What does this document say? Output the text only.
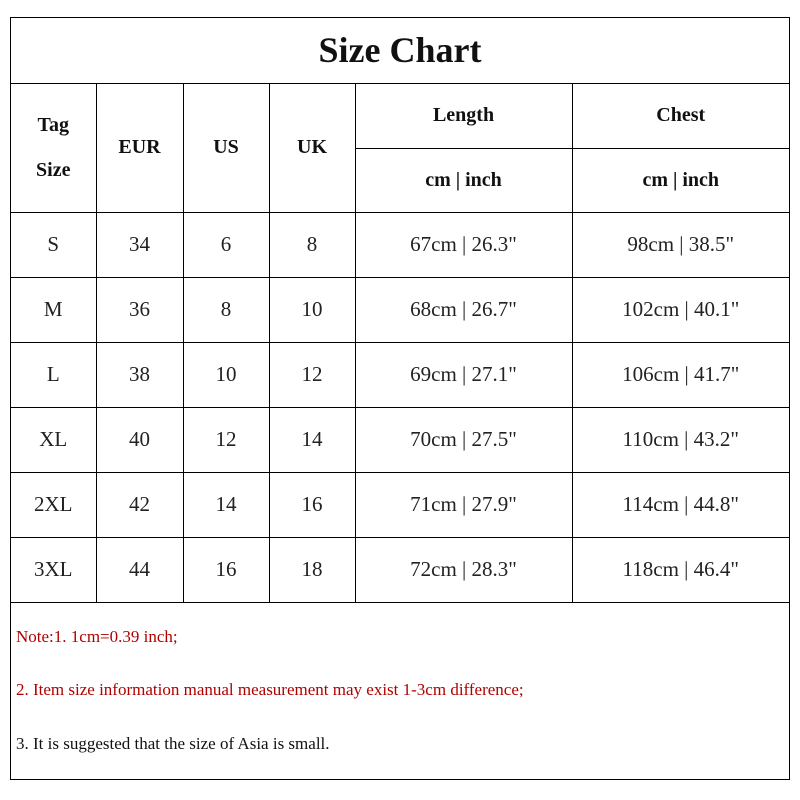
Size Chart
Tag
Size	EUR	US	UK	Length	Chest
				cm | inch	cm | inch
S	34	6	8	67cm | 26.3"	98cm | 38.5"
M	36	8	10	68cm | 26.7"	102cm | 40.1"
L	38	10	12	69cm | 27.1"	106cm | 41.7"
XL	40	12	14	70cm | 27.5"	110cm | 43.2"
2XL	42	14	16	71cm | 27.9"	114cm | 44.8"
3XL	44	16	18	72cm | 28.3"	118cm | 46.4"
Note:1. 1cm=0.39 inch;
2. Item size information manual measurement may exist 1-3cm difference;
3. It is suggested that the size of Asia is small.
